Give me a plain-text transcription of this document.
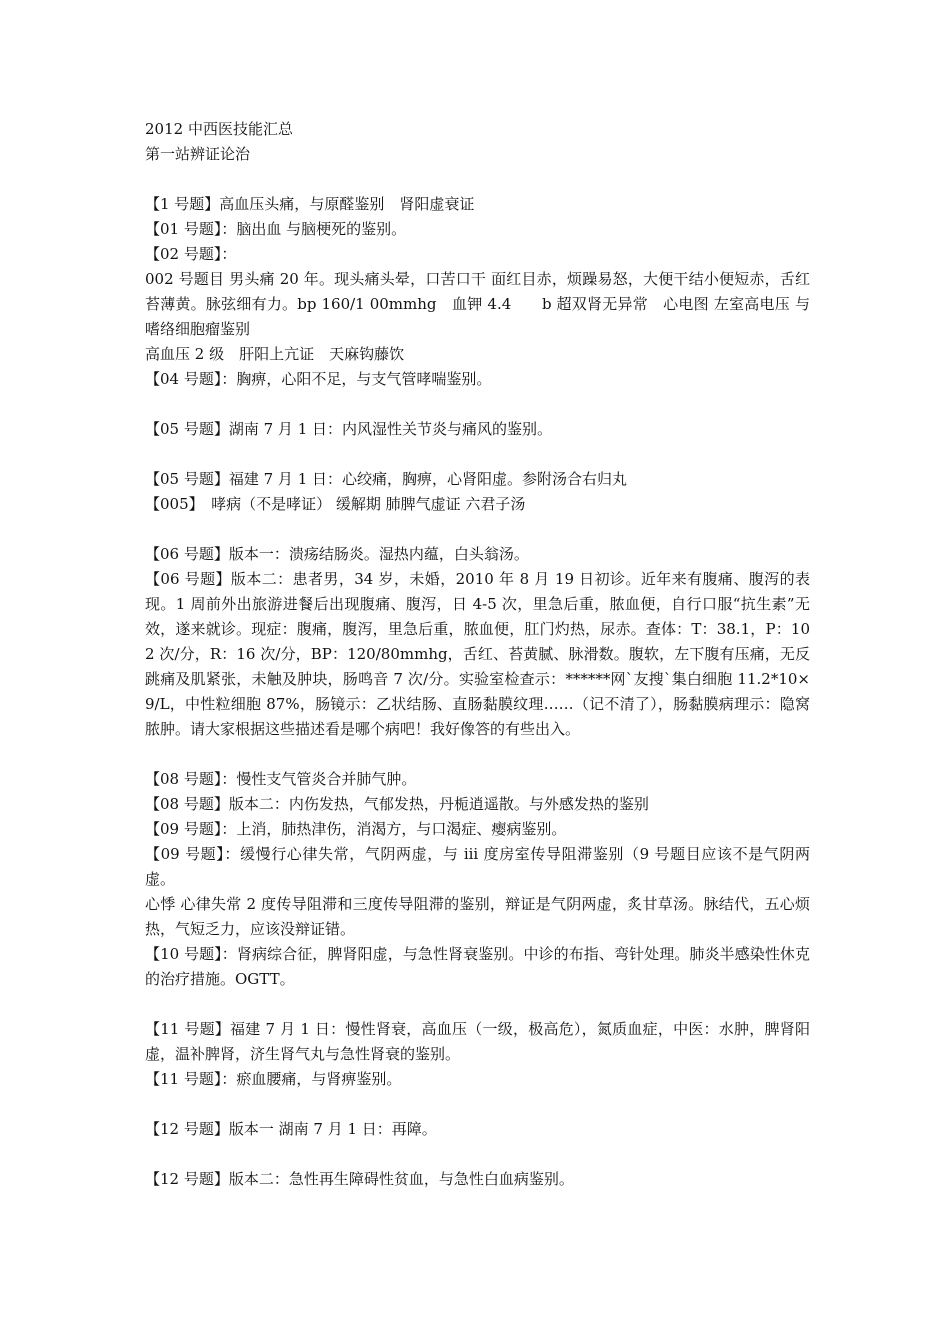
2012 中西医技能汇总

第一站辨证论治

【1 号题】高血压头痛，与原醛鉴别　肾阳虚衰证

【01 号题】：脑出血 与脑梗死的鉴别。

【02 号题】：

002 号题目 男头痛 20 年。现头痛头晕，口苦口干 面红目赤，烦躁易怒，大便干结小便短赤，舌红苔薄黄。脉弦细有力。bp 160/1 00mmhg　血钾 4.4　　b 超双肾无异常　心电图 左室高电压 与嗜络细胞瘤鉴别

高血压 2 级　肝阳上亢证　天麻钩藤饮

【04 号题】：胸痹，心阳不足，与支气管哮喘鉴别。

【05 号题】湖南 7 月 1 日：内风湿性关节炎与痛风的鉴别。

【05 号题】福建 7 月 1 日：心绞痛，胸痹，心肾阳虚。参附汤合右归丸

【005】　哮病（不是哮证） 缓解期 肺脾气虚证 六君子汤

【06 号题】版本一：溃疡结肠炎。湿热内蕴，白头翁汤。

【06 号题】版本二：患者男，34 岁，未婚，2010 年 8 月 19 日初诊。近年来有腹痛、腹泻的表现。1 周前外出旅游进餐后出现腹痛、腹泻，日 4-5 次，里急后重，脓血便，自行口服“抗生素”无效，遂来就诊。现症：腹痛，腹泻，里急后重，脓血便，肛门灼热，尿赤。查体：T：38.1，P：102 次/分，R：16 次/分，BP：120/80mmhg，舌红、苔黄腻、脉滑数。腹软，左下腹有压痛，无反跳痛及肌紧张，未触及肿块，肠鸣音 7 次/分。实验室检查示：******网`友搜`集白细胞 11.2*10×9/L，中性粒细胞 87%，肠镜示：乙状结肠、直肠黏膜纹理……（记不清了），肠黏膜病理示：隐窝脓肿。请大家根据这些描述看是哪个病吧！我好像答的有些出入。

【08 号题】：慢性支气管炎合并肺气肿。

【08 号题】版本二：内伤发热，气郁发热，丹栀逍遥散。与外感发热的鉴别

【09 号题】：上消，肺热津伤，消渴方，与口渴症、瘿病鉴别。

【09 号题】：缓慢行心律失常，气阴两虚，与 iii 度房室传导阻滞鉴别（9 号题目应该不是气阴两虚。

心悸 心律失常 2 度传导阻滞和三度传导阻滞的鉴别，辩证是气阴两虚，炙甘草汤。脉结代，五心烦热，气短乏力，应该没辩证错。

【10 号题】：肾病综合征，脾肾阳虚，与急性肾衰鉴别。中诊的布指、弯针处理。肺炎半感染性休克的治疗措施。OGTT。

【11 号题】福建 7 月 1 日：慢性肾衰，高血压（一级，极高危），氮质血症，中医：水肿，脾肾阳虚，温补脾肾，济生肾气丸与急性肾衰的鉴别。

【11 号题】：瘀血腰痛，与肾痹鉴别。

【12 号题】版本一 湖南 7 月 1 日：再障。

【12 号题】版本二：急性再生障碍性贫血，与急性白血病鉴别。
